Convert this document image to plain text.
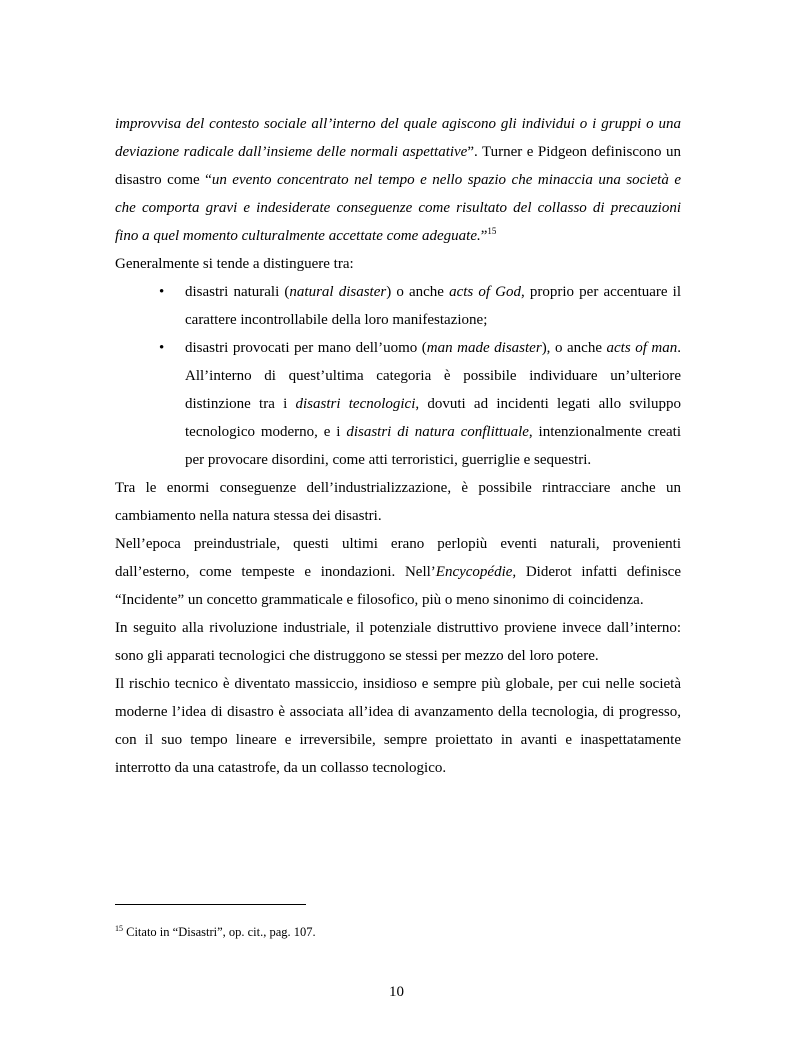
improvvisa del contesto sociale all’interno del quale agiscono gli individui o i gruppi o una deviazione radicale dall’insieme delle normali aspettative”. Turner e Pidgeon definiscono un disastro come “un evento concentrato nel tempo e nello spazio che minaccia una società e che comporta gravi e indesiderate conseguenze come risultato del collasso di precauzioni fino a quel momento culturalmente accettate come adeguate.”$^{15}$

Generalmente si tende a distinguere tra:

• disastri naturali (natural disaster) o anche acts of God, proprio per accentuare il carattere incontrollabile della loro manifestazione;
• disastri provocati per mano dell’uomo (man made disaster), o anche acts of man. All’interno di quest’ultima categoria è possibile individuare un’ulteriore distinzione tra i disastri tecnologici, dovuti ad incidenti legati allo sviluppo tecnologico moderno, e i disastri di natura conflittuale, intenzionalmente creati per provocare disordini, come atti terroristici, guerriglie e sequestri.

Tra le enormi conseguenze dell’industrializzazione, è possibile rintracciare anche un cambiamento nella natura stessa dei disastri.

Nell’epoca preindustriale, questi ultimi erano perlopiù eventi naturali, provenienti dall’esterno, come tempeste e inondazioni. Nell’Encycopédie, Diderot infatti definisce “Incidente” un concetto grammaticale e filosofico, più o meno sinonimo di coincidenza.

In seguito alla rivoluzione industriale, il potenziale distruttivo proviene invece dall’interno: sono gli apparati tecnologici che distruggono se stessi per mezzo del loro potere.

Il rischio tecnico è diventato massiccio, insidioso e sempre più globale, per cui nelle società moderne l’idea di disastro è associata all’idea di avanzamento della tecnologia, di progresso, con il suo tempo lineare e irreversibile, sempre proiettato in avanti e inaspettatamente interrotto da una catastrofe, da un collasso tecnologico.

$^{15}$ Citato in “Disastri”, op. cit., pag. 107.
10
